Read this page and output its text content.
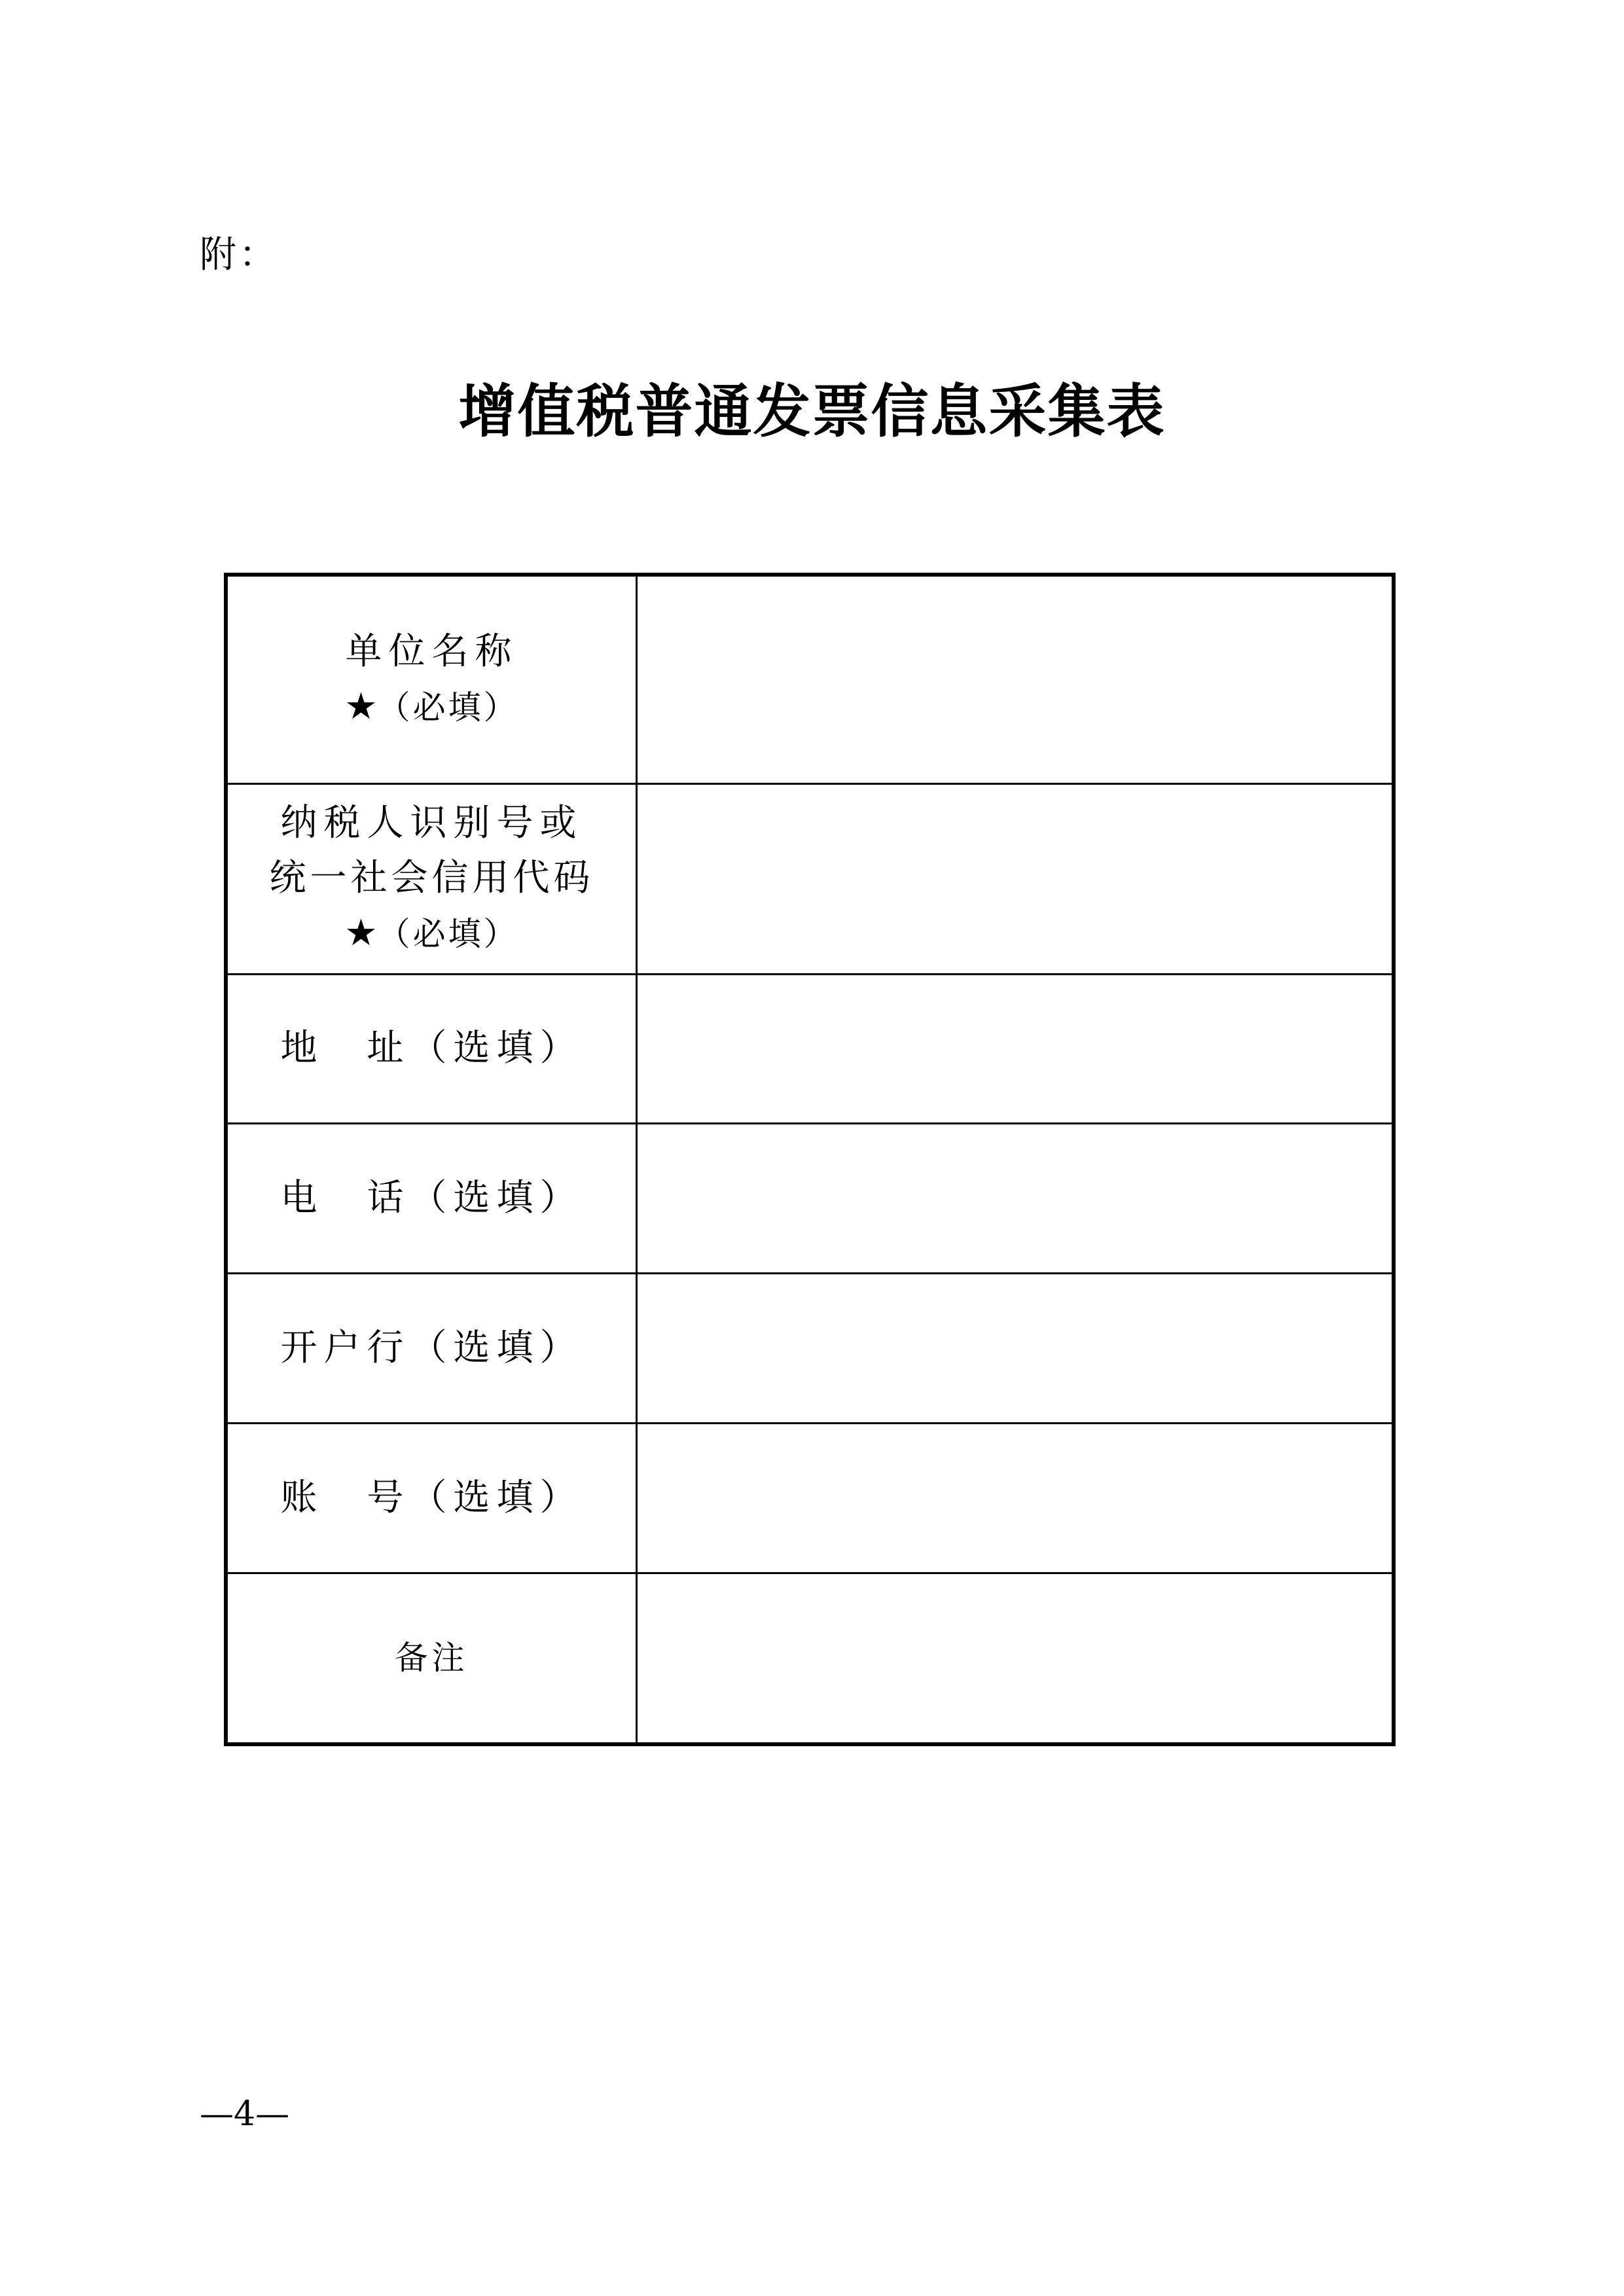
附：
增值税普通发票信息采集表
单位名称
★（必填）	

纳税人识别号或
统一社会信用代码
★（必填）	

地　址（选填）	

电　话（选填）	

开户行（选填）	

账　号（选填）	

备注	

—4—
